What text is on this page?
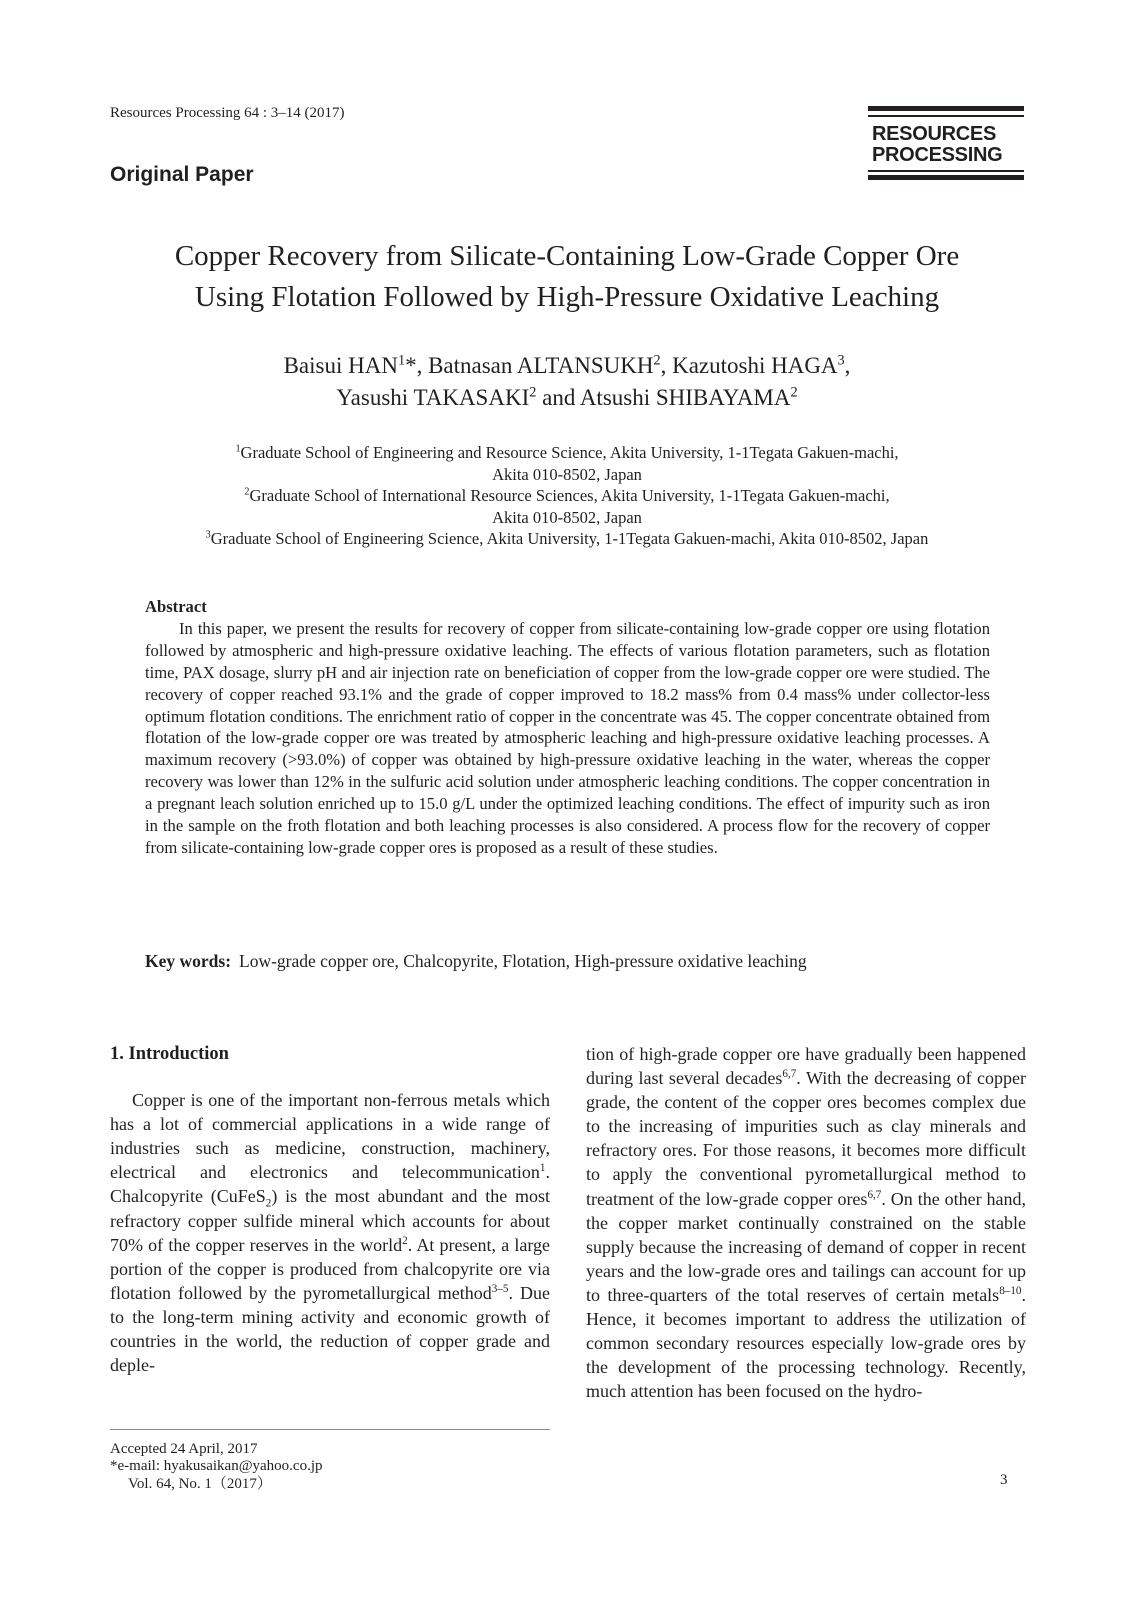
Resources Processing 64 : 3–14 (2017)
Original Paper
RESOURCES
PROCESSING
Copper Recovery from Silicate-Containing Low-Grade Copper Ore
Using Flotation Followed by High-Pressure Oxidative Leaching
Baisui HAN$^1$*, Batnasan ALTANSUKH$^2$, Kazutoshi HAGA$^3$,
Yasushi TAKASAKI$^2$ and Atsushi SHIBAYAMA$^2$
$^1$Graduate School of Engineering and Resource Science, Akita University, 1-1Tegata Gakuen-machi,
Akita 010-8502, Japan
$^2$Graduate School of International Resource Sciences, Akita University, 1-1Tegata Gakuen-machi,
Akita 010-8502, Japan
$^3$Graduate School of Engineering Science, Akita University, 1-1Tegata Gakuen-machi, Akita 010-8502, Japan
Abstract

In this paper, we present the results for recovery of copper from silicate-containing low-grade copper ore using flotation followed by atmospheric and high-pressure oxidative leaching. The effects of various flotation parameters, such as flotation time, PAX dosage, slurry pH and air injection rate on beneficiation of copper from the low-grade copper ore were studied. The recovery of copper reached 93.1% and the grade of copper improved to 18.2 mass% from 0.4 mass% under collector-less optimum flotation conditions. The enrichment ratio of copper in the concentrate was 45. The copper concentrate obtained from flotation of the low-grade copper ore was treated by atmospheric leaching and high-pressure oxidative leaching processes. A maximum recovery (>93.0%) of copper was obtained by high-pressure oxidative leaching in the water, whereas the copper recovery was lower than 12% in the sulfuric acid solution under atmospheric leaching conditions. The copper concentration in a pregnant leach solution enriched up to 15.0 g/L under the optimized leaching conditions. The effect of impurity such as iron in the sample on the froth flotation and both leaching processes is also considered. A process flow for the recovery of copper from silicate-containing low-grade copper ores is proposed as a result of these studies.

Key words: Low-grade copper ore, Chalcopyrite, Flotation, High-pressure oxidative leaching
1. Introduction

Copper is one of the important non-ferrous metals which has a lot of commercial applications in a wide range of industries such as medicine, construction, machinery, electrical and electronics and telecommunication$^1$. Chalcopyrite (CuFeS$_2$) is the most abundant and the most refractory copper sulfide mineral which accounts for about 70% of the copper reserves in the world$^2$. At present, a large portion of the copper is produced from chalcopyrite ore via flotation followed by the pyrometallurgical method$^{3-5}$. Due to the long-term mining activity and economic growth of countries in the world, the reduction of copper grade and deple-

tion of high-grade copper ore have gradually been happened during last several decades$^{6,7}$. With the decreasing of copper grade, the content of the copper ores becomes complex due to the increasing of impurities such as clay minerals and refractory ores. For those reasons, it becomes more difficult to apply the conventional pyrometallurgical method to treatment of the low-grade copper ores$^{6,7}$. On the other hand, the copper market continually constrained on the stable supply because the increasing of demand of copper in recent years and the low-grade ores and tailings can account for up to three-quarters of the total reserves of certain metals$^{8-10}$. Hence, it becomes important to address the utilization of common secondary resources especially low-grade ores by the development of the processing technology. Recently, much attention has been focused on the hydro-

Accepted 24 April, 2017
*e-mail: hyakusaikan@yahoo.co.jp
Vol. 64, No. 1（2017）	3
